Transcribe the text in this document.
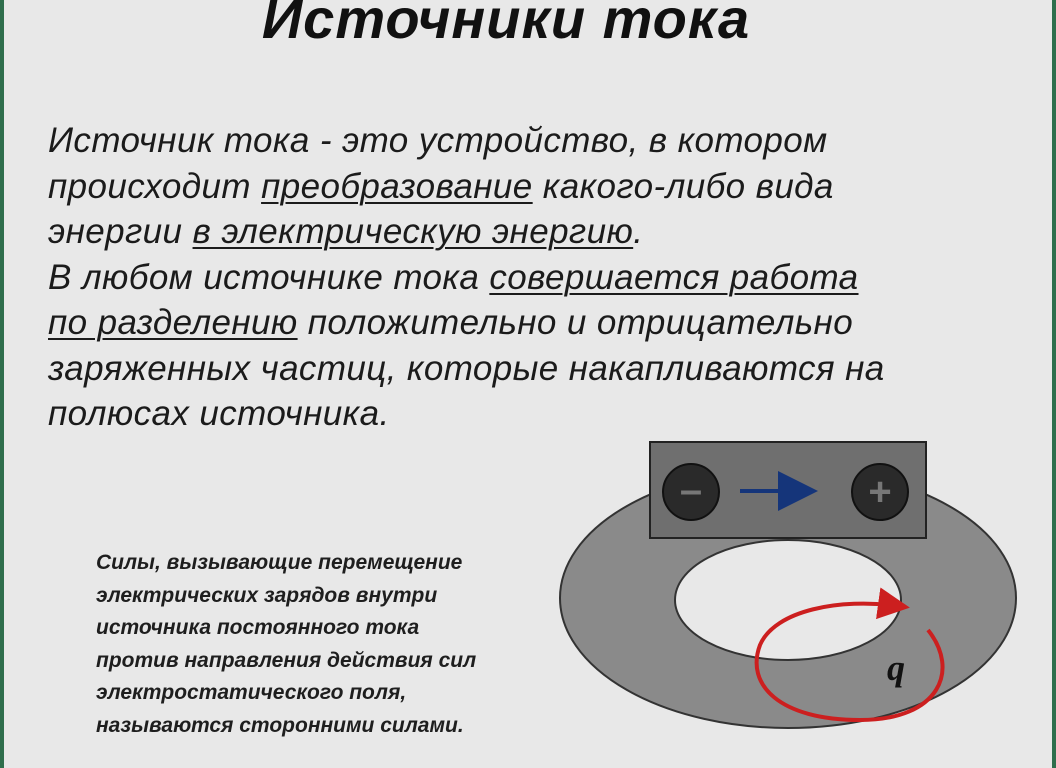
Источники тока
Источник тока - это устройство, в котором
происходит преобразование какого-либо вида
энергии в электрическую энергию.
В любом источнике тока совершается работа
по разделению положительно и отрицательно
заряженных частиц, которые накапливаются на
полюсах источника.
Силы, вызывающие перемещение
электрических зарядов внутри
источника постоянного тока
против направления действия сил
электростатического поля,
называются сторонними силами.
–	+
q
